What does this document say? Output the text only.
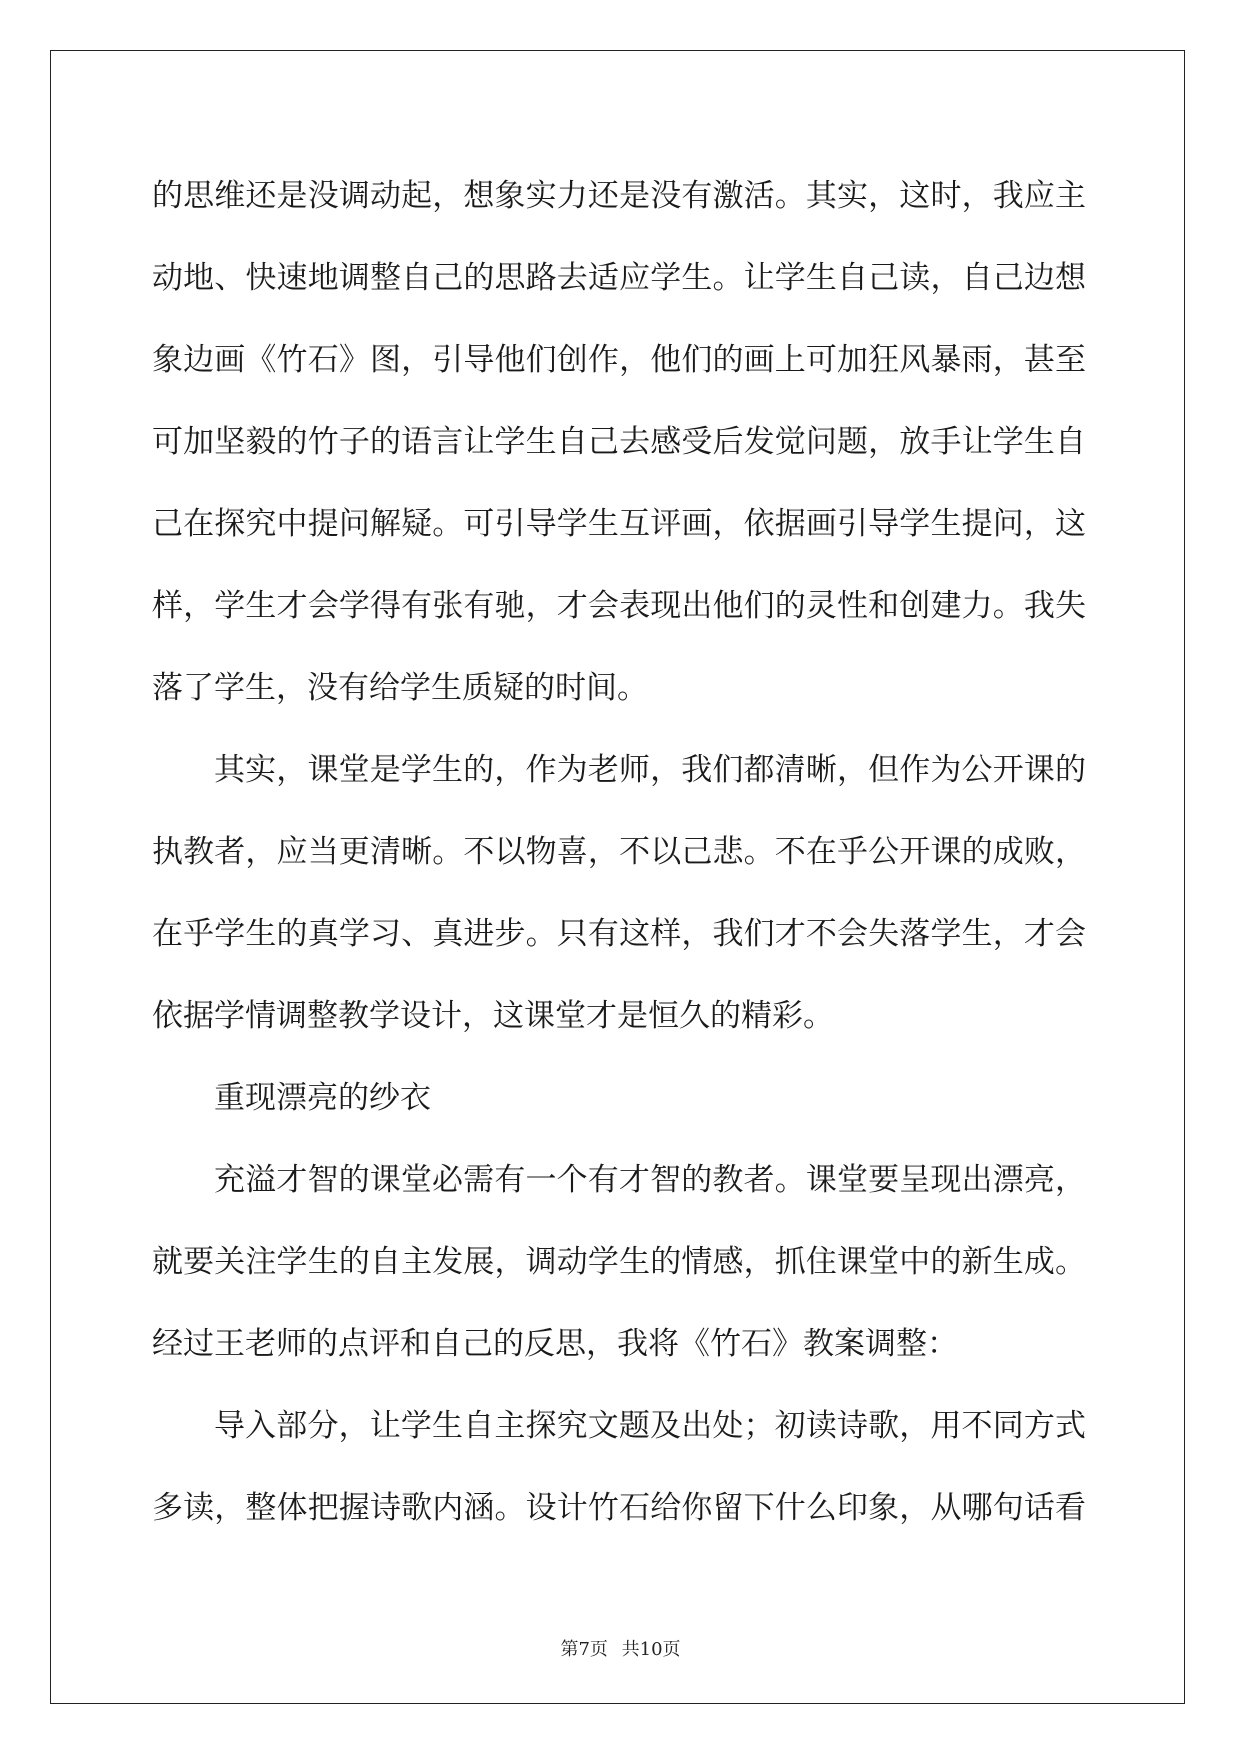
的思维还是没调动起，想象实力还是没有激活。其实，这时，我应主
动地、快速地调整自己的思路去适应学生。让学生自己读，自己边想
象边画《竹石》图，引导他们创作，他们的画上可加狂风暴雨，甚至
可加坚毅的竹子的语言让学生自己去感受后发觉问题，放手让学生自
己在探究中提问解疑。可引导学生互评画，依据画引导学生提问，这
样，学生才会学得有张有驰，才会表现出他们的灵性和创建力。我失
落了学生，没有给学生质疑的时间。
其实，课堂是学生的，作为老师，我们都清晰，但作为公开课的
执教者，应当更清晰。不以物喜，不以己悲。不在乎公开课的成败，
在乎学生的真学习、真进步。只有这样，我们才不会失落学生，才会
依据学情调整教学设计，这课堂才是恒久的精彩。
重现漂亮的纱衣
充溢才智的课堂必需有一个有才智的教者。课堂要呈现出漂亮，
就要关注学生的自主发展，调动学生的情感，抓住课堂中的新生成。
经过王老师的点评和自己的反思，我将《竹石》教案调整：
导入部分，让学生自主探究文题及出处；初读诗歌，用不同方式
多读，整体把握诗歌内涵。设计竹石给你留下什么印象，从哪句话看
第7页 共10页
